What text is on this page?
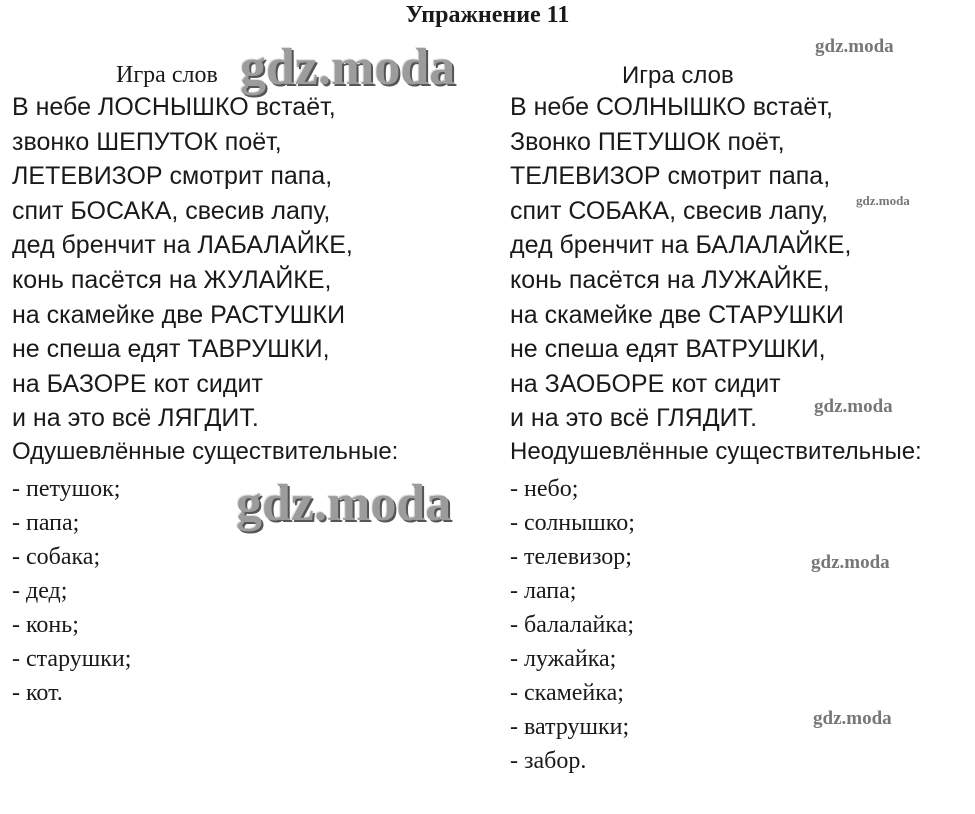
Упражнение 11
Игра слов
В небе ЛОСНЫШКО встаёт,
звонко ШЕПУТОК поёт,
ЛЕТЕВИЗОР смотрит папа,
спит БОСАКА, свесив лапу,
дед бренчит на ЛАБАЛАЙКЕ,
конь пасётся на ЖУЛАЙКЕ,
на скамейке две РАСТУШКИ
не спеша едят ТАВРУШКИ,
на БАЗОРЕ кот сидит
и на это всё ЛЯГДИТ.
Одушевлённые существительные:
- петушок;
- папа;
- собака;
- дед;
- конь;
- старушки;
- кот.
Игра слов
В небе СОЛНЫШКО встаёт,
Звонко ПЕТУШОК поёт,
ТЕЛЕВИЗОР смотрит папа,
спит СОБАКА, свесив лапу,
дед бренчит на БАЛАЛАЙКЕ,
конь пасётся на ЛУЖАЙКЕ,
на скамейке две СТАРУШКИ
не спеша едят ВАТРУШКИ,
на ЗАОБОРЕ кот сидит
и на это всё ГЛЯДИТ.
Неодушевлённые существительные:
- небо;
- солнышко;
- телевизор;
- лапа;
- балалайка;
- лужайка;
- скамейка;
- ватрушки;
- забор.
gdz.moda
gdz.moda
gdz.moda
gdz.moda
gdz.moda
gdz.moda
gdz.moda
